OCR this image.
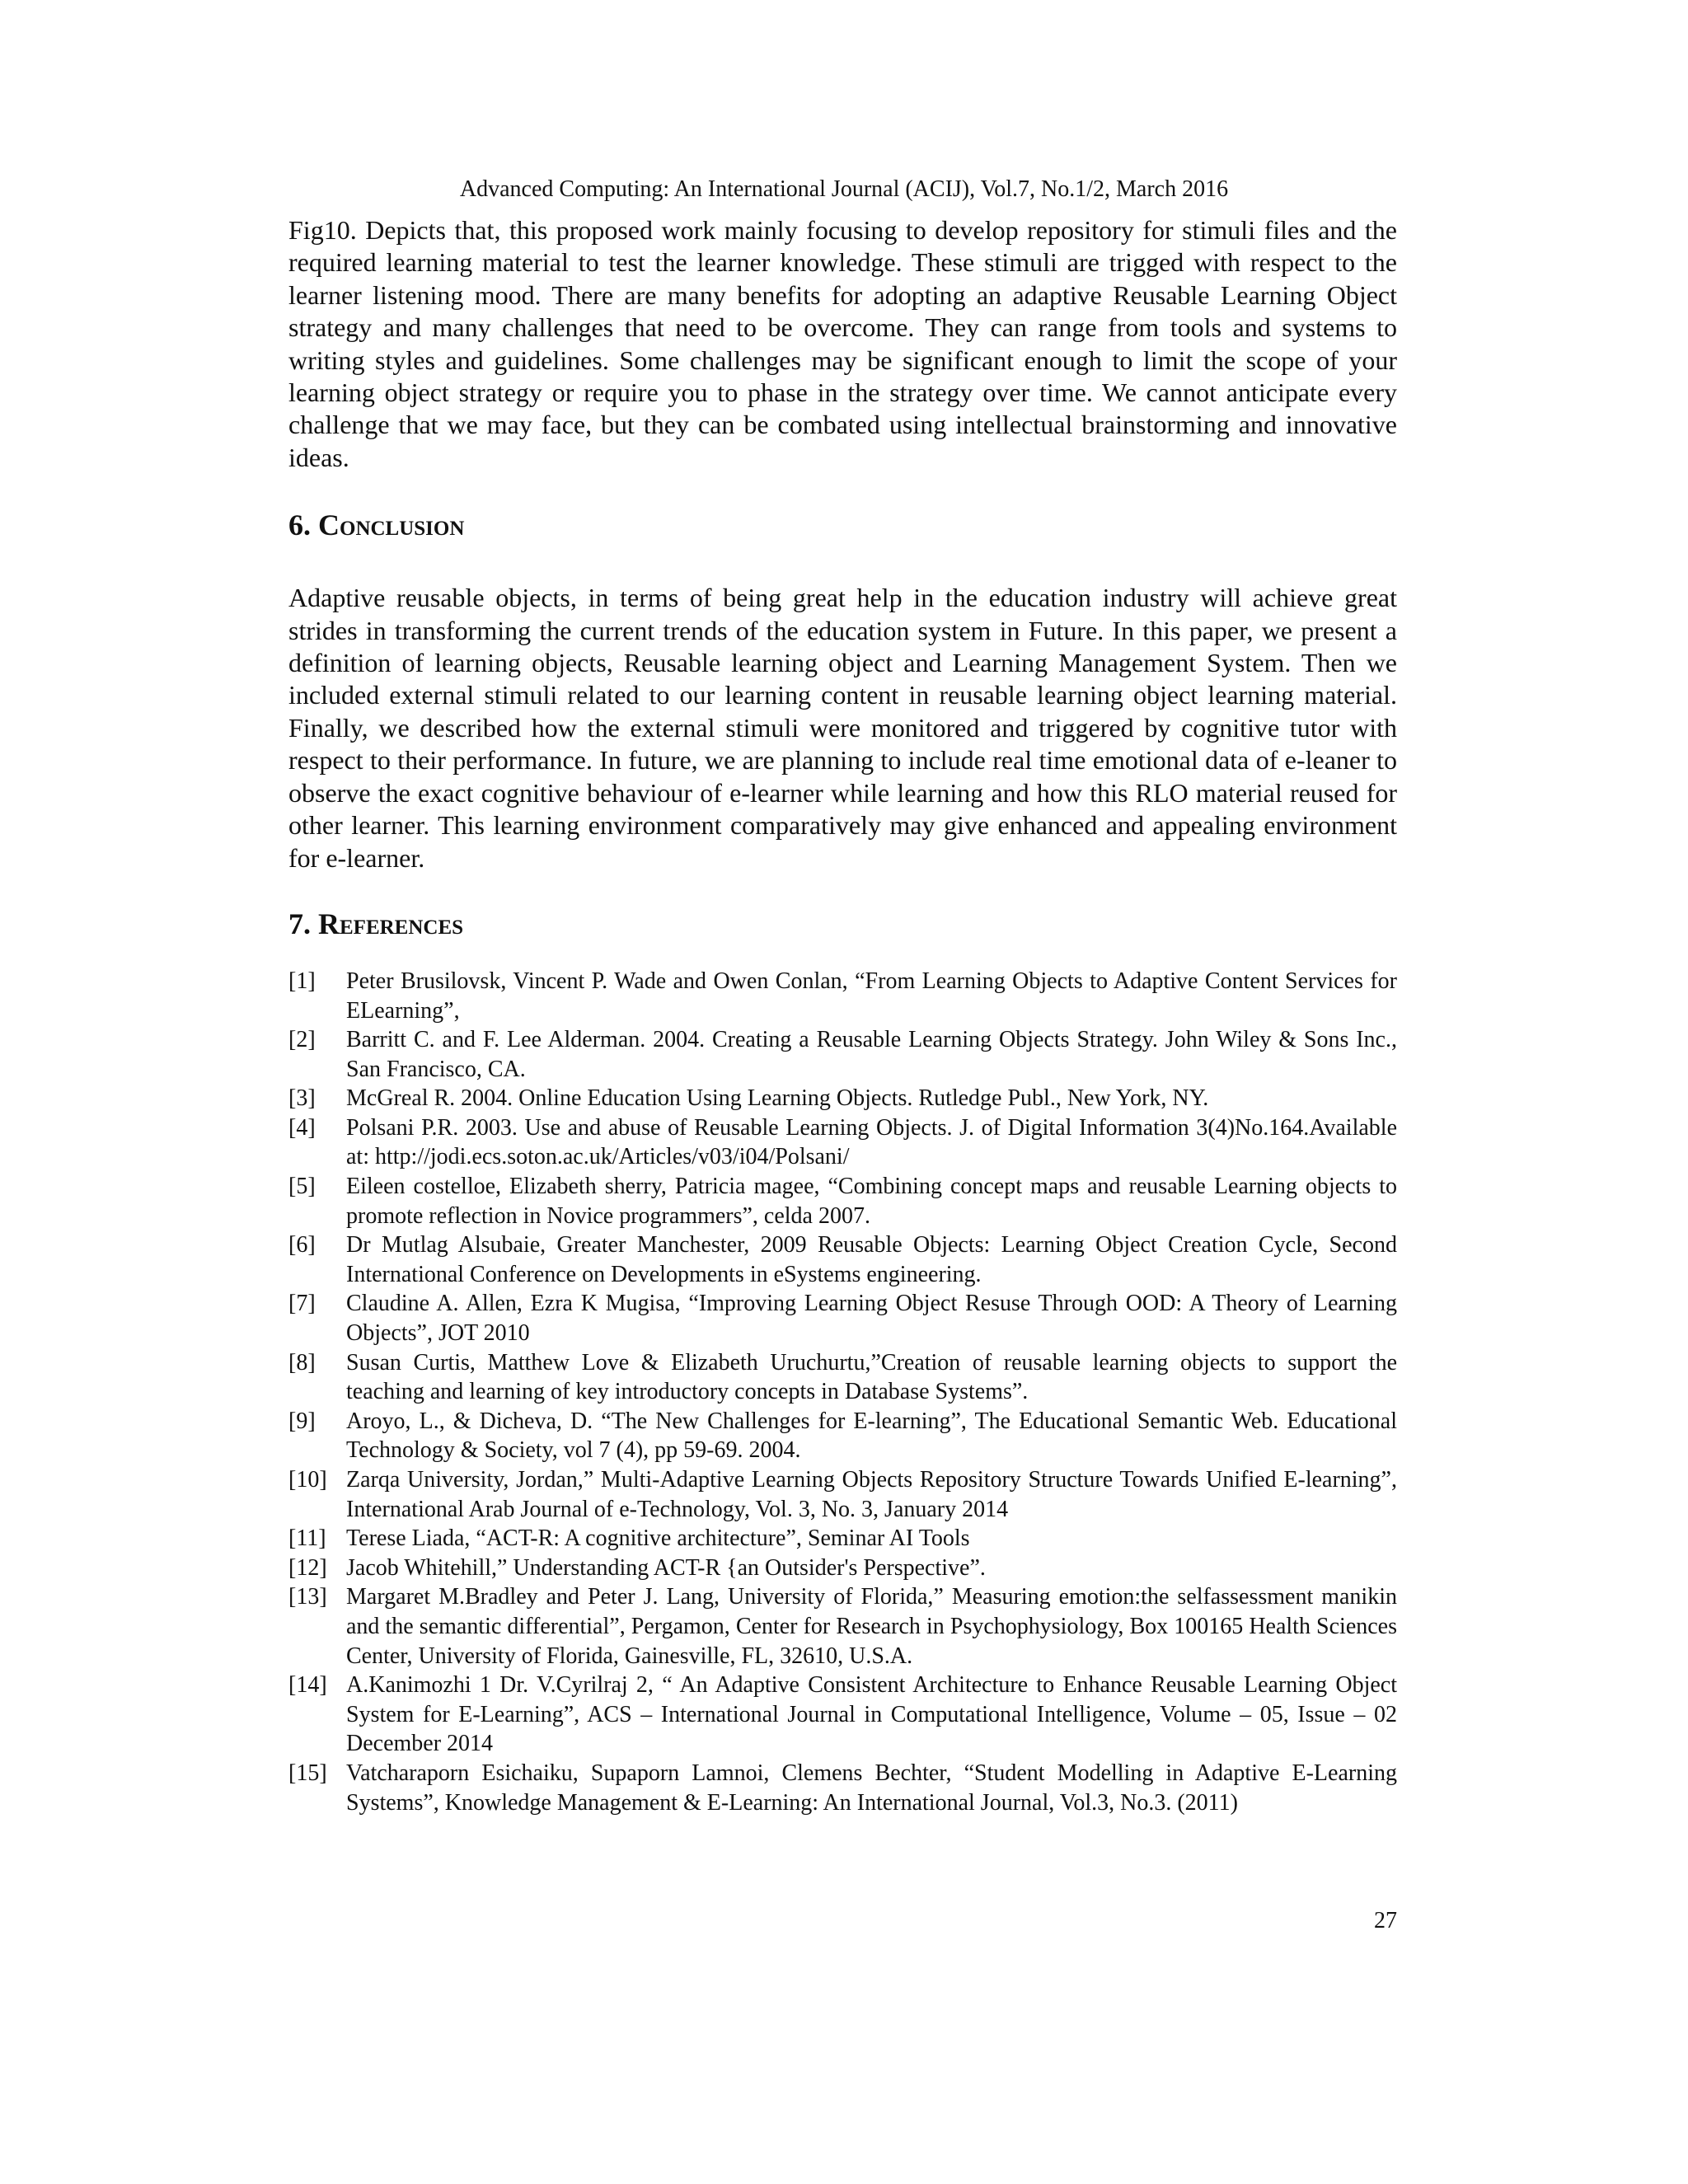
Advanced Computing: An International Journal (ACIJ), Vol.7, No.1/2, March 2016

Fig10. Depicts that, this proposed work mainly focusing to develop repository for stimuli files and the required learning material to test the learner knowledge. These stimuli are trigged with respect to the learner listening mood. There are many benefits for adopting an adaptive Reusable Learning Object strategy and many challenges that need to be overcome. They can range from tools and systems to writing styles and guidelines. Some challenges may be significant enough to limit the scope of your learning object strategy or require you to phase in the strategy over time. We cannot anticipate every challenge that we may face, but they can be combated using intellectual brainstorming and innovative ideas.

6. Conclusion

Adaptive reusable objects, in terms of being great help in the education industry will achieve great strides in transforming the current trends of the education system in Future. In this paper, we present a definition of learning objects, Reusable learning object and Learning Management System. Then we included external stimuli related to our learning content in reusable learning object learning material. Finally, we described how the external stimuli were monitored and triggered by cognitive tutor with respect to their performance. In future, we are planning to include real time emotional data of e-leaner to observe the exact cognitive behaviour of e-learner while learning and how this RLO material reused for other learner. This learning environment comparatively may give enhanced and appealing environment for e-learner.

7. References
[1]	Peter Brusilovsk, Vincent P. Wade and Owen Conlan, “From Learning Objects to Adaptive Content Services for ELearning”,
[2]	Barritt C. and F. Lee Alderman. 2004. Creating a Reusable Learning Objects Strategy. John Wiley & Sons Inc., San Francisco, CA.
[3]	McGreal R. 2004. Online Education Using Learning Objects. Rutledge Publ., New York, NY.
[4]	Polsani P.R. 2003. Use and abuse of Reusable Learning Objects. J. of Digital Information 3(4)No.164.Available at: http://jodi.ecs.soton.ac.uk/Articles/v03/i04/Polsani/
[5]	Eileen costelloe, Elizabeth sherry, Patricia magee, “Combining concept maps and reusable Learning objects to promote reflection in Novice programmers”, celda 2007.
[6]	Dr Mutlag Alsubaie, Greater Manchester, 2009 Reusable Objects: Learning Object Creation Cycle, Second International Conference on Developments in eSystems engineering.
[7]	Claudine A. Allen, Ezra K Mugisa, “Improving Learning Object Resuse Through OOD: A Theory of Learning Objects”, JOT 2010
[8]	Susan Curtis, Matthew Love & Elizabeth Uruchurtu,”Creation of reusable learning objects to support the teaching and learning of key introductory concepts in Database Systems”.
[9]	Aroyo, L., & Dicheva, D. “The New Challenges for E-learning”, The Educational Semantic Web. Educational Technology & Society, vol 7 (4), pp 59-69. 2004.
[10] Zarqa University, Jordan,” Multi-Adaptive Learning Objects Repository Structure Towards Unified E-learning”, International Arab Journal of e-Technology, Vol. 3, No. 3, January 2014
[11] Terese Liada, “ACT-R: A cognitive architecture”, Seminar AI Tools
[12] Jacob Whitehill,” Understanding ACT-R {an Outsider's Perspective”.
[13] Margaret M.Bradley and Peter J. Lang, University of Florida,” Measuring emotion:the selfassessment manikin and the semantic differential”, Pergamon, Center for Research in Psychophysiology, Box 100165 Health Sciences Center, University of Florida, Gainesville, FL, 32610, U.S.A.
[14] A.Kanimozhi 1 Dr. V.Cyrilraj 2, “ An Adaptive Consistent Architecture to Enhance Reusable Learning Object System for E-Learning”, ACS – International Journal in Computational Intelligence, Volume – 05, Issue – 02 December 2014
[15] Vatcharaporn Esichaiku, Supaporn Lamnoi, Clemens Bechter, “Student Modelling in Adaptive E-Learning Systems”, Knowledge Management & E-Learning: An International Journal, Vol.3, No.3. (2011)

27
